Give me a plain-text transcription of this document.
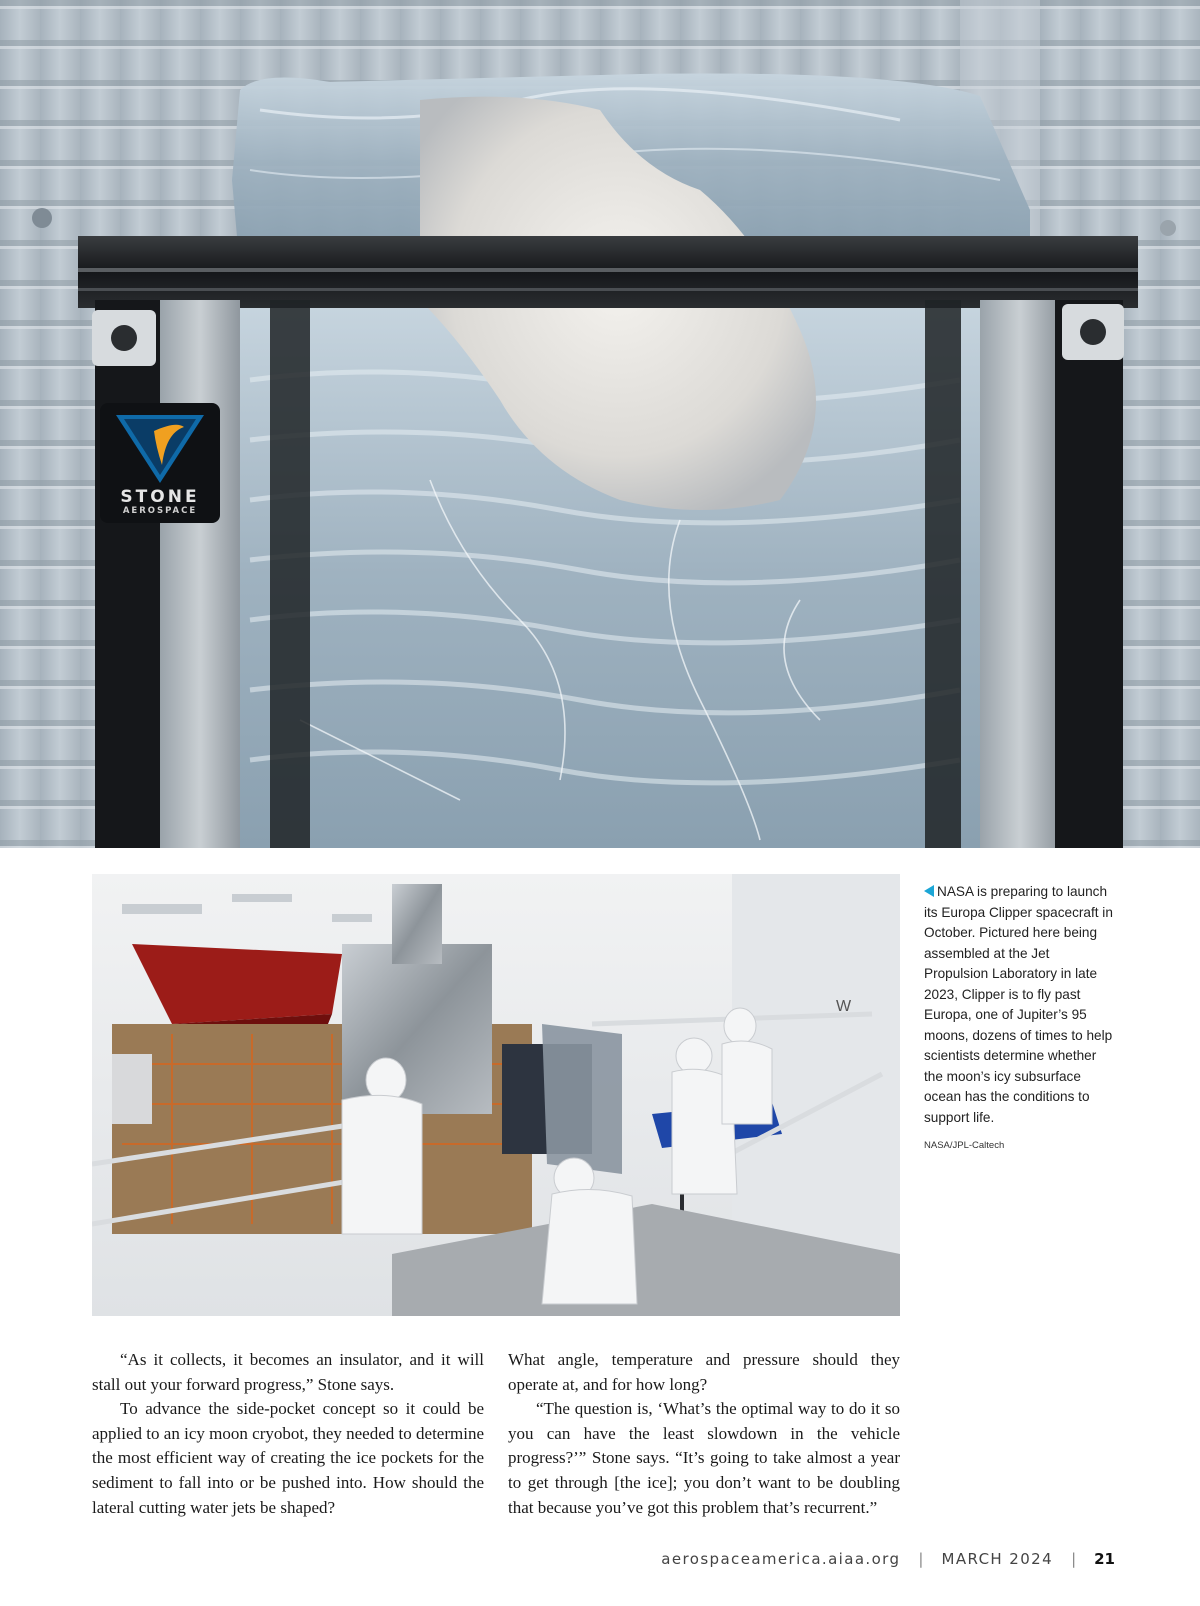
STONE
AEROSPACE
W
NASA is preparing to launch its Europa Clipper spacecraft in October. Pictured here being assembled at the Jet Propulsion Laboratory in late 2023, Clipper is to fly past Europa, one of Jupiter’s 95 moons, dozens of times to help scientists determine whether the moon’s icy subsurface ocean has the conditions to support life.
NASA/JPL-Caltech

“As it collects, it becomes an insulator, and it will stall out your forward progress,” Stone says.

To advance the side-pocket concept so it could be applied to an icy moon cryobot, they needed to determine the most efficient way of creating the ice pockets for the sediment to fall into or be pushed into. How should the lateral cutting water jets be shaped?

What angle, temperature and pressure should they operate at, and for how long?

“The question is, ‘What’s the optimal way to do it so you can have the least slowdown in the vehicle progress?’” Stone says. “It’s going to take almost a year to get through [the ice]; you don’t want to be doubling that because you’ve got this problem that’s recurrent.”

aerospaceamerica.aiaa.org | MARCH 2024 | 21
